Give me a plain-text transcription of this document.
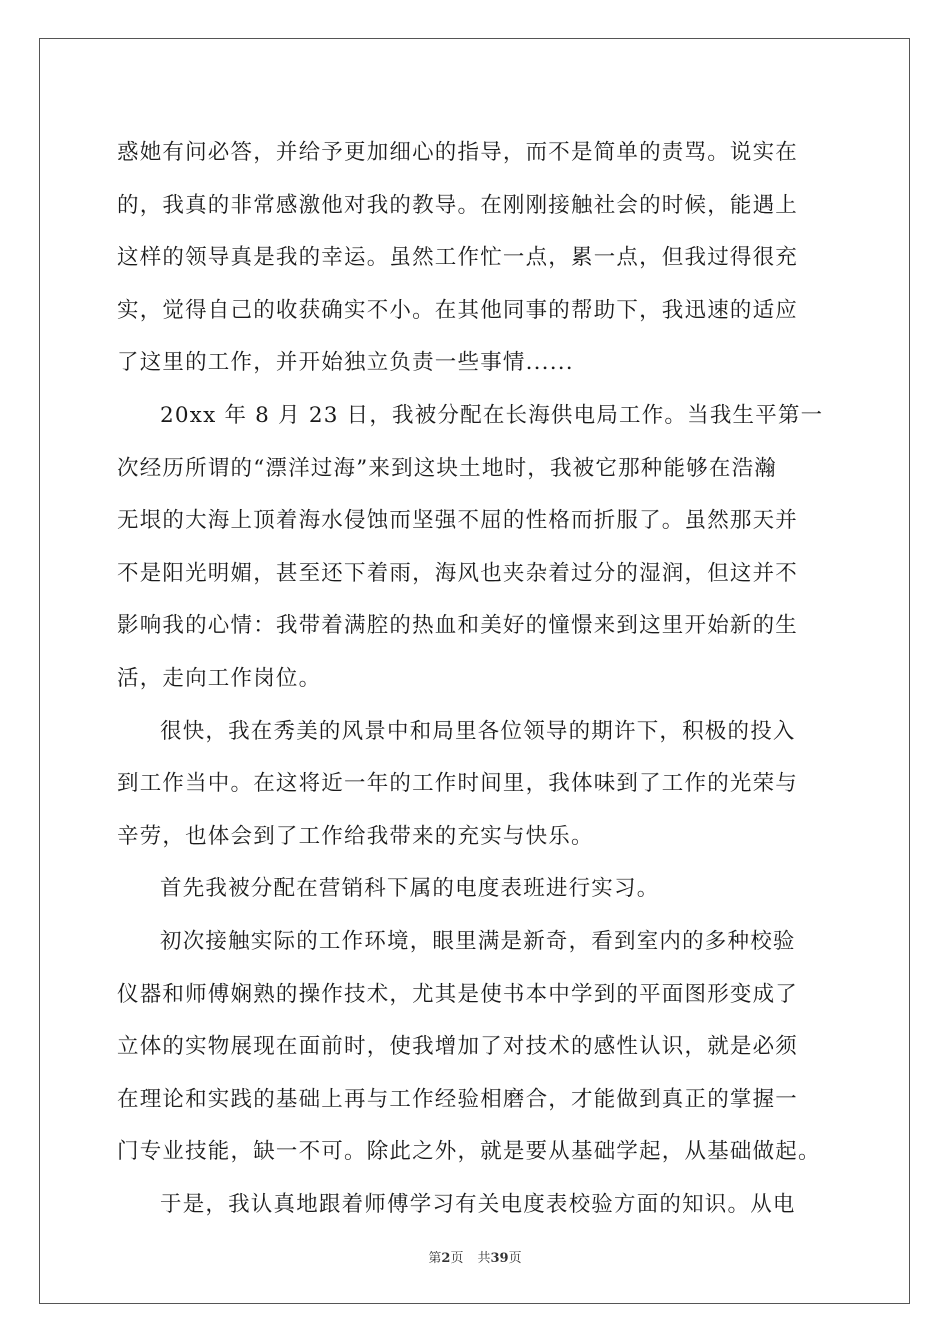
惑她有问必答，并给予更加细心的指导，而不是简单的责骂。说实在
的，我真的非常感激他对我的教导。在刚刚接触社会的时候，能遇上
这样的领导真是我的幸运。虽然工作忙一点，累一点，但我过得很充
实，觉得自己的收获确实不小。在其他同事的帮助下，我迅速的适应
了这里的工作，并开始独立负责一些事情......
20xx 年 8 月 23 日，我被分配在长海供电局工作。当我生平第一
次经历所谓的“漂洋过海”来到这块土地时，我被它那种能够在浩瀚
无垠的大海上顶着海水侵蚀而坚强不屈的性格而折服了。虽然那天并
不是阳光明媚，甚至还下着雨，海风也夹杂着过分的湿润，但这并不
影响我的心情：我带着满腔的热血和美好的憧憬来到这里开始新的生
活，走向工作岗位。
很快，我在秀美的风景中和局里各位领导的期许下，积极的投入
到工作当中。在这将近一年的工作时间里，我体味到了工作的光荣与
辛劳，也体会到了工作给我带来的充实与快乐。
首先我被分配在营销科下属的电度表班进行实习。
初次接触实际的工作环境，眼里满是新奇，看到室内的多种校验
仪器和师傅娴熟的操作技术，尤其是使书本中学到的平面图形变成了
立体的实物展现在面前时，使我增加了对技术的感性认识，就是必须
在理论和实践的基础上再与工作经验相磨合，才能做到真正的掌握一
门专业技能，缺一不可。除此之外，就是要从基础学起，从基础做起。
于是，我认真地跟着师傅学习有关电度表校验方面的知识。从电
第2页 共39页
